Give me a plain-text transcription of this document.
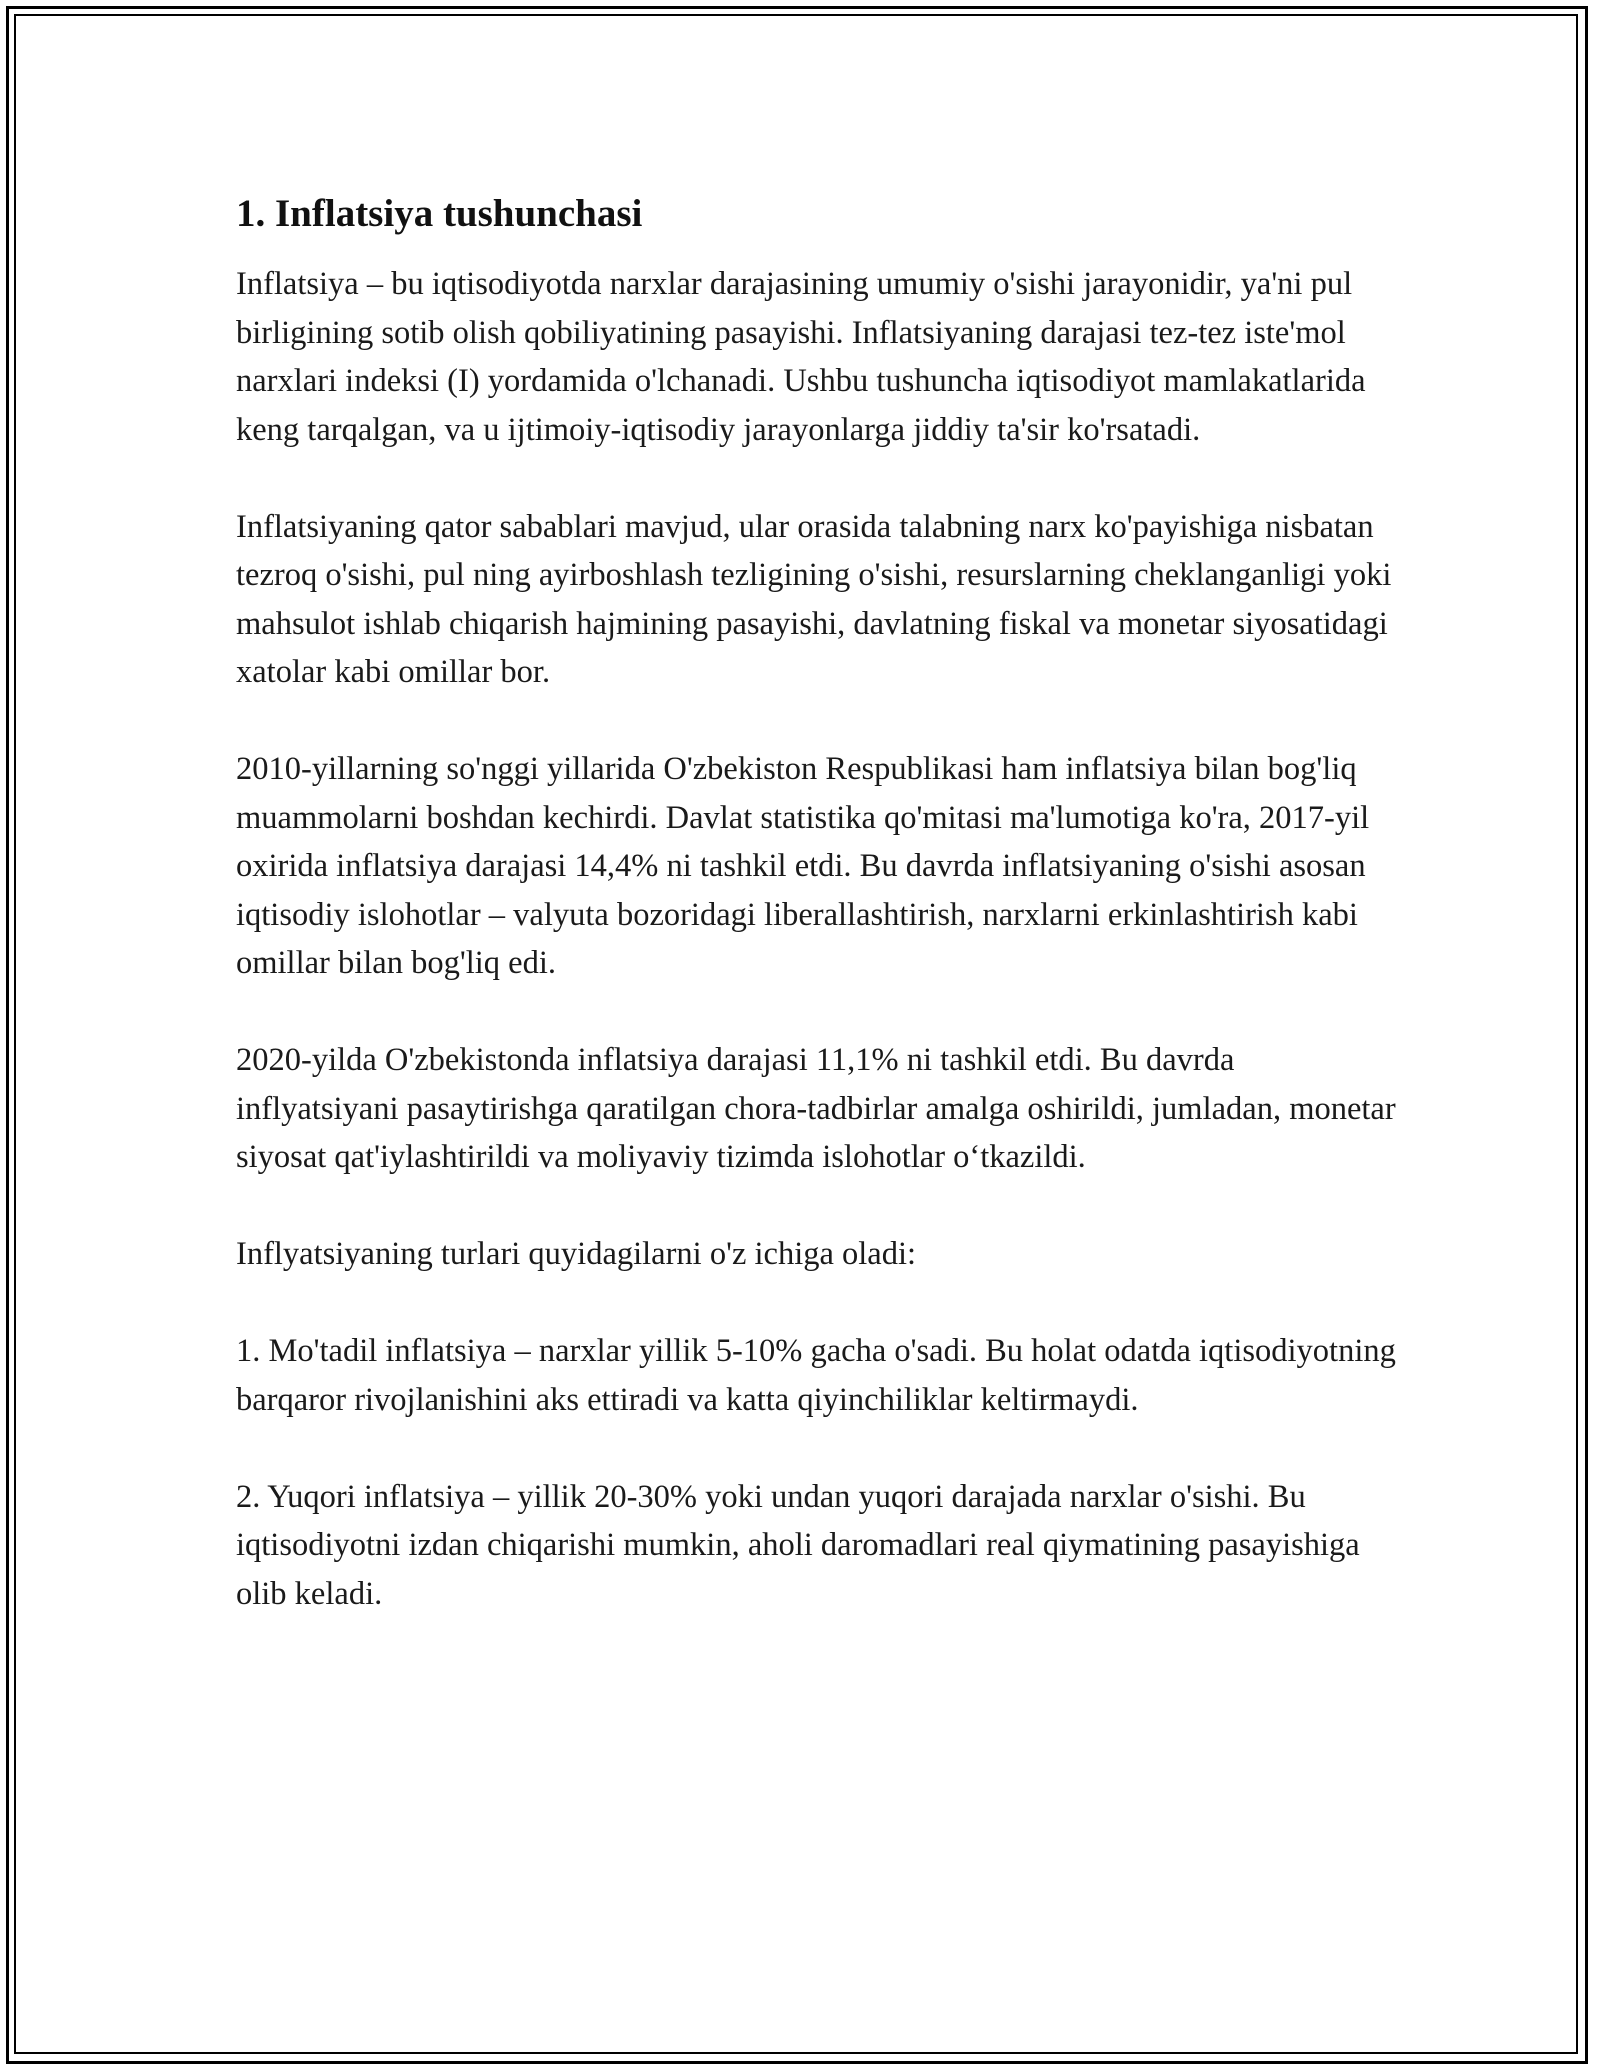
1. Inflatsiya tushunchasi

Inflatsiya – bu iqtisodiyotda narxlar darajasining umumiy o'sishi jarayonidir, ya'ni pul birligining sotib olish qobiliyatining pasayishi. Inflatsiyaning darajasi tez-tez iste'mol narxlari indeksi (I) yordamida o'lchanadi. Ushbu tushuncha iqtisodiyot mamlakatlarida keng tarqalgan, va u ijtimoiy-iqtisodiy jarayonlarga jiddiy ta'sir ko'rsatadi.

Inflatsiyaning qator sabablari mavjud, ular orasida talabning narx ko'payishiga nisbatan tezroq o'sishi, pul ning ayirboshlash tezligining o'sishi, resurslarning cheklanganligi yoki mahsulot ishlab chiqarish hajmining pasayishi, davlatning fiskal va monetar siyosatidagi xatolar kabi omillar bor.

2010-yillarning so'nggi yillarida O'zbekiston Respublikasi ham inflatsiya bilan bog'liq muammolarni boshdan kechirdi. Davlat statistika qo'mitasi ma'lumotiga ko'ra, 2017-yil oxirida inflatsiya darajasi 14,4% ni tashkil etdi. Bu davrda inflatsiyaning o'sishi asosan iqtisodiy islohotlar – valyuta bozoridagi liberallashtirish, narxlarni erkinlashtirish kabi omillar bilan bog'liq edi.

2020-yilda O'zbekistonda inflatsiya darajasi 11,1% ni tashkil etdi. Bu davrda inflyatsiyani pasaytirishga qaratilgan chora-tadbirlar amalga oshirildi, jumladan, monetar siyosat qat'iylashtirildi va moliyaviy tizimda islohotlar o‘tkazildi.

Inflyatsiyaning turlari quyidagilarni o'z ichiga oladi:

1. Mo'tadil inflatsiya – narxlar yillik 5-10% gacha o'sadi. Bu holat odatda iqtisodiyotning barqaror rivojlanishini aks ettiradi va katta qiyinchiliklar keltirmaydi.

2. Yuqori inflatsiya – yillik 20-30% yoki undan yuqori darajada narxlar o'sishi. Bu iqtisodiyotni izdan chiqarishi mumkin, aholi daromadlari real qiymatining pasayishiga olib keladi.
